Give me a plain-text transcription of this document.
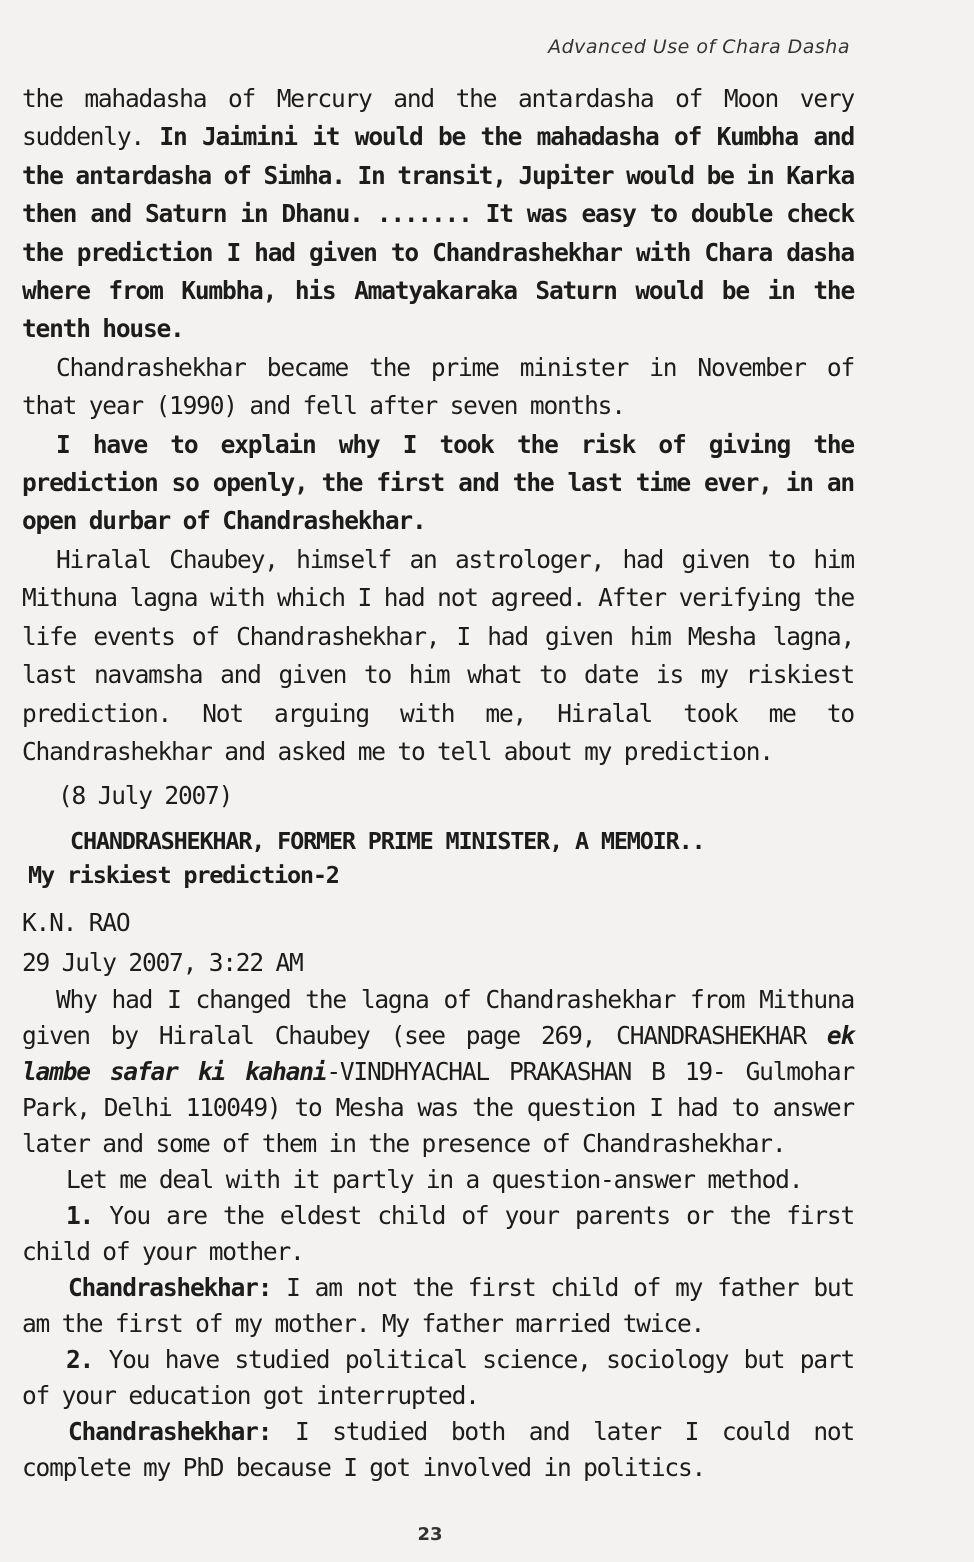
Advanced Use of Chara Dasha

the mahadasha of Mercury and the antardasha of Moon very suddenly. In Jaimini it would be the mahadasha of Kumbha and the antardasha of Simha. In transit, Jupiter would be in Karka then and Saturn in Dhanu. ....... It was easy to double check the prediction I had given to Chandrashekhar with Chara dasha where from Kumbha, his Amatyakaraka Saturn would be in the tenth house.

Chandrashekhar became the prime minister in November of that year (1990) and fell after seven months.

I have to explain why I took the risk of giving the prediction so openly, the first and the last time ever, in an open durbar of Chandrashekhar.

Hiralal Chaubey, himself an astrologer, had given to him Mithuna lagna with which I had not agreed. After verifying the life events of Chandrashekhar, I had given him Mesha lagna, last navamsha and given to him what to date is my riskiest prediction. Not arguing with me, Hiralal took me to Chandrashekhar and asked me to tell about my prediction.

(8 July 2007)

CHANDRASHEKHAR, FORMER PRIME MINISTER, A MEMOIR..
My riskiest prediction-2

K.N. RAO

29 July 2007, 3:22 AM

Why had I changed the lagna of Chandrashekhar from Mithuna given by Hiralal Chaubey (see page 269, CHANDRASHEKHAR ek lambe safar ki kahani-VINDHYACHAL PRAKASHAN B 19- Gulmohar Park, Delhi 110049) to Mesha was the question I had to answer later and some of them in the presence of Chandrashekhar.

Let me deal with it partly in a question-answer method.

1. You are the eldest child of your parents or the first child of your mother.

Chandrashekhar: I am not the first child of my father but am the first of my mother. My father married twice.

2. You have studied political science, sociology but part of your education got interrupted.

Chandrashekhar: I studied both and later I could not complete my PhD because I got involved in politics.

23
